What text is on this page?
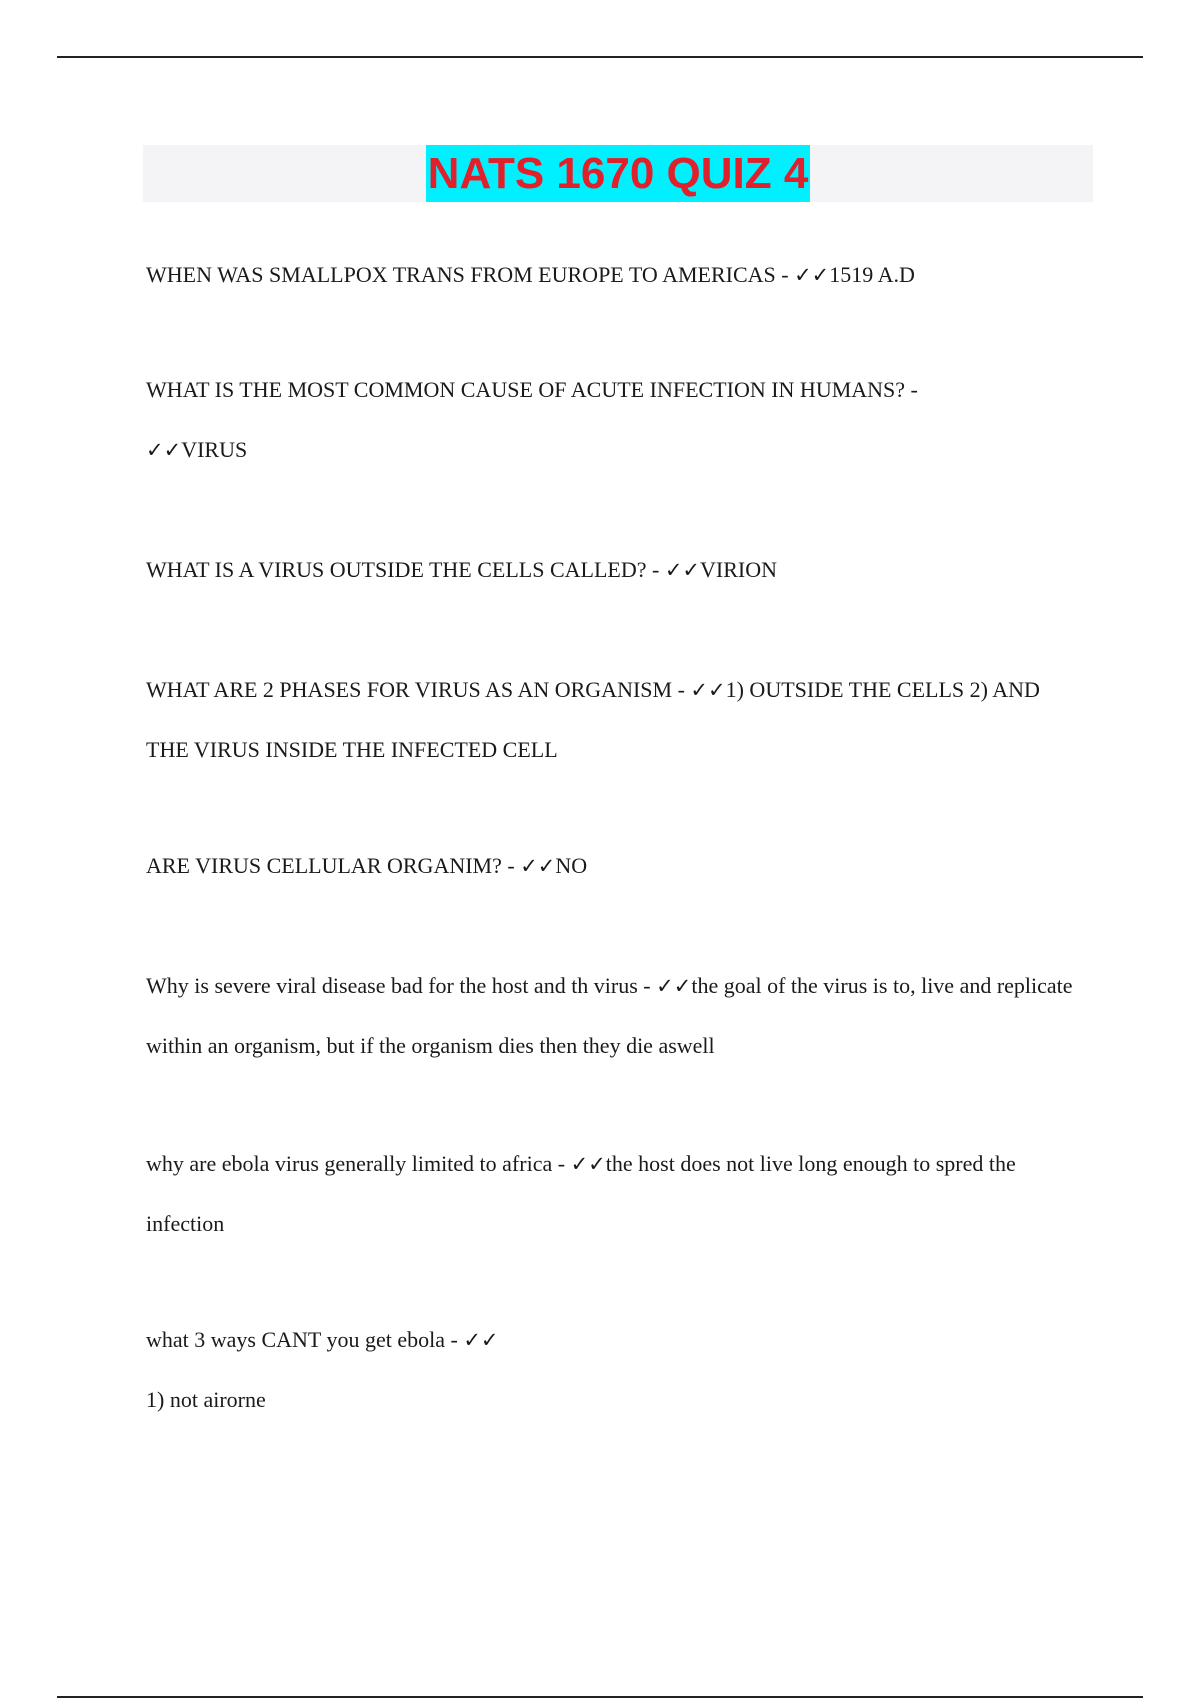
NATS 1670 QUIZ 4

WHEN WAS SMALLPOX TRANS FROM EUROPE TO AMERICAS - ✓✓1519 A.D

WHAT IS THE MOST COMMON CAUSE OF ACUTE INFECTION IN HUMANS? -
✓✓VIRUS

WHAT IS A VIRUS OUTSIDE THE CELLS CALLED? - ✓✓VIRION

WHAT ARE 2 PHASES FOR VIRUS AS AN ORGANISM - ✓✓1) OUTSIDE THE CELLS 2) AND THE VIRUS INSIDE THE INFECTED CELL

ARE VIRUS CELLULAR ORGANIM? - ✓✓NO

Why is severe viral disease bad for the host and th virus - ✓✓the goal of the virus is to, live and replicate within an organism, but if the organism dies then they die aswell

why are ebola virus generally limited to africa - ✓✓the host does not live long enough to spred the infection

what 3 ways CANT you get ebola - ✓✓
1) not airorne
